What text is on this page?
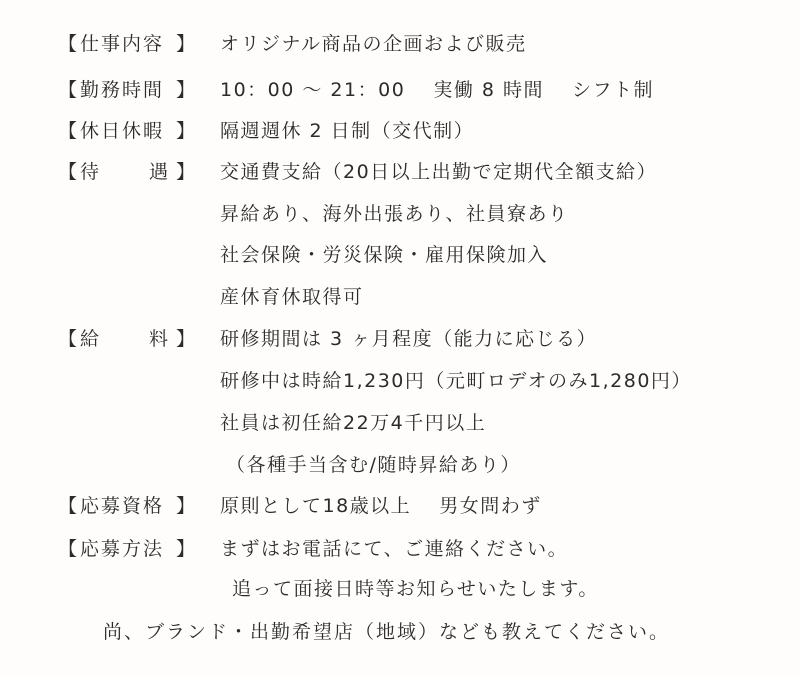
【 仕事内容 】 オリジナル商品の企画および販売
【 勤務時間 】 10：00 〜 21：00　 実働 8 時間　 シフト制
【 休日休暇 】 隔週週休 2 日制（交代制）
【 待	遇 】 交通費支給（20日以上出勤で定期代全額支給）
昇給あり、海外出張あり、社員寮あり
社会保険・労災保険・雇用保険加入
産休育休取得可
【 給	料 】 研修期間は 3 ヶ月程度（能力に応じる）
研修中は時給1,230円（元町ロデオのみ1,280円）
社員は初任給22万4千円以上
（各種手当含む/随時昇給あり）
【 応募資格 】 原則として18歳以上　 男女問わず
【 応募方法 】 まずはお電話にて、ご連絡ください。
追って面接日時等お知らせいたします。
尚、ブランド・出勤希望店（地域）なども教えてください。
